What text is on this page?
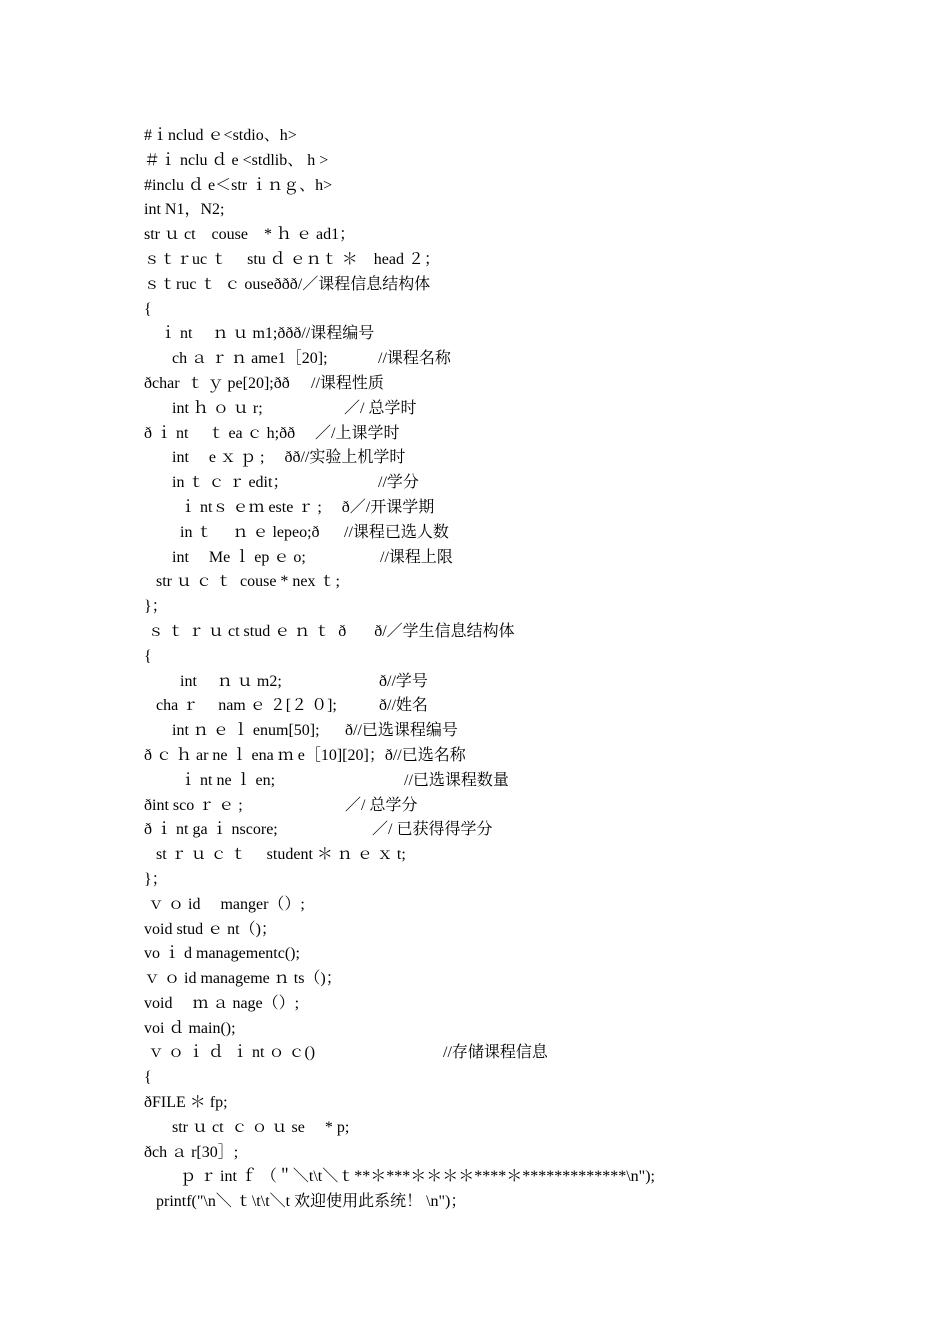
#ｉnclud ｅ<stdio、h>
＃ｉ nclu ｄ e <stdlib、 h >
#inclu ｄ e＜str ｉｎｇ、h>
int N1，N2;
str ｕ ct    couse    * ｈ ｅ ad1；
ｓｔｒuc ｔ     stu ｄ ｅｎｔ ＊    head ２；
ｓｔruc ｔ  ｃ ouseððð/／课程信息结构体
{
ｉ nt     ｎ ｕ m1;ððð//课程编号
ch ａ ｒ ｎ ame1［20];	//课程名称
ðchar  ｔ ｙ pe[20];ðð //课程性质
int ｈ ｏ ｕ r;	／/ 总学时
ð ｉ nt     ｔ ea ｃ h;ðð ／/上课学时
int     e ｘ ｐ ;     ðð//实验上机学时
in ｔ ｃ ｒ edit；	//学分
ｉ ntｓ ｅｍ este ｒ ;     ð／/开课学期
in ｔ     ｎ ｅ lepeo;ð //课程已选人数
int     Me ｌ ep ｅ o;	//课程上限
str ｕ ｃ ｔ  couse * nex ｔ;
}；
ｓ ｔ ｒ ｕ ct stud ｅ ｎ ｔ  ð       ð/／学生信息结构体
{
int     ｎ ｕ m2;	ð//学号
cha ｒ     nam ｅ ２[２ ０];	ð//姓名
int ｎ ｅ ｌ enum[50]; ð//已选课程编号
ð ｃ ｈ ar ne ｌ ena ｍ e［10][20]；ð//已选名称
ｉ nt ne ｌ en;	//已选课程数量
ðint sco ｒ ｅ ;	／/ 总学分
ð ｉ nt ga ｉ nscore;	／/ 已获得得学分
st ｒ ｕ ｃ ｔ     student ＊ ｎ ｅ ｘ t;
}；
ｖ ｏ id     manger（）;
void stud ｅ nt（)；
vo ｉ d managementc();
ｖ ｏ id manageme ｎ ts（)；
void     ｍ ａ nage（）;
voi ｄ main();
ｖ ｏ ｉ ｄ  ｉ nt ｏ ｃ()	//存储课程信息
{
ðFILE ＊ fp;
str ｕ ct  ｃ ｏ ｕ se     * p;
ðch ａ r[30］;
ｐ ｒ int ｆ （＂＼t\t＼ｔ**＊***＊＊＊＊****＊*************\n");
printf("\n＼ ｔ\t\t＼t 欢迎使用此系统！ \n")；
